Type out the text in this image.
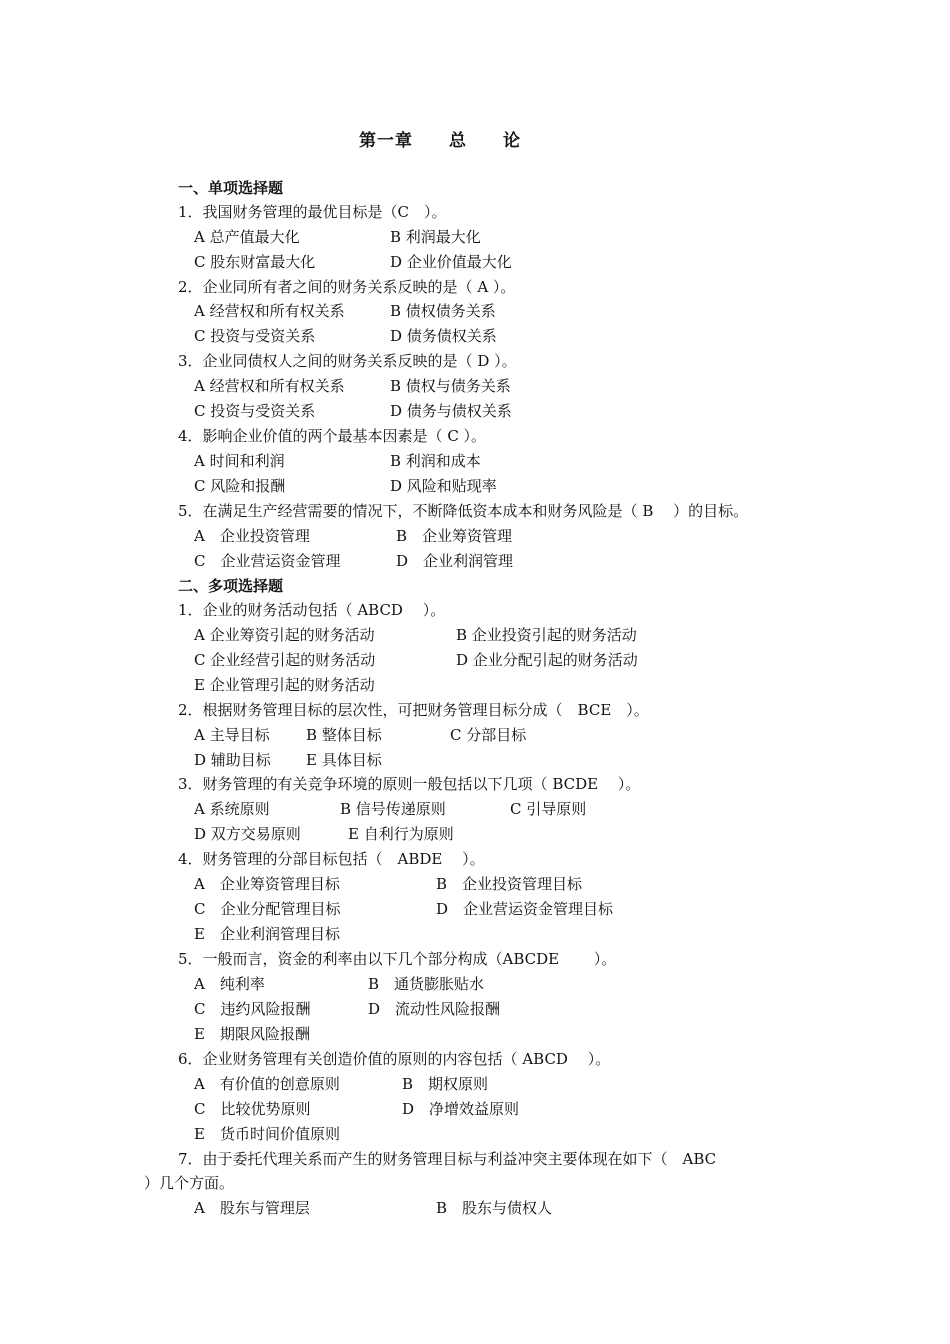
第一章　　总　　论
一、单项选择题
1．我国财务管理的最优目标是（C　）。
A 总产值最大化	B 利润最大化
C 股东财富最大化	D 企业价值最大化
2．企业同所有者之间的财务关系反映的是（ A ）。
A 经营权和所有权关系	B 债权债务关系
C 投资与受资关系	D 债务债权关系
3．企业同债权人之间的财务关系反映的是（ D ）。
A 经营权和所有权关系	B 债权与债务关系
C 投资与受资关系	D 债务与债权关系
4．影响企业价值的两个最基本因素是（ C ）。
A 时间和利润	B 利润和成本
C 风险和报酬	D 风险和贴现率
5．在满足生产经营需要的情况下，不断降低资本成本和财务风险是（ B　 ）的目标。
A　企业投资管理	B　企业筹资管理
C　企业营运资金管理	D　企业利润管理
二、多项选择题
1．企业的财务活动包括（ ABCD　 ）。
A 企业筹资引起的财务活动	B 企业投资引起的财务活动
C 企业经营引起的财务活动	D 企业分配引起的财务活动
E 企业管理引起的财务活动
2．根据财务管理目标的层次性，可把财务管理目标分成（　BCE　）。
A 主导目标 B 整体目标	C 分部目标
D 辅助目标 E 具体目标
3．财务管理的有关竞争环境的原则一般包括以下几项（ BCDE　 ）。
A 系统原则	B 信号传递原则	C 引导原则
D 双方交易原则	E 自利行为原则
4．财务管理的分部目标包括（　ABDE　 ）。
A　企业筹资管理目标	B　企业投资管理目标
C　企业分配管理目标	D　企业营运资金管理目标
E　企业利润管理目标
5．一般而言，资金的利率由以下几个部分构成（ABCDE　　 ）。
A　纯利率	B　通货膨胀贴水
C　违约风险报酬	D　流动性风险报酬
E　期限风险报酬
6．企业财务管理有关创造价值的原则的内容包括（ ABCD　 ）。
A　有价值的创意原则	B　期权原则
C　比较优势原则	D　净增效益原则
E　货币时间价值原则
7．由于委托代理关系而产生的财务管理目标与利益冲突主要体现在如下（　ABC
）几个方面。
A　股东与管理层	B　股东与债权人
